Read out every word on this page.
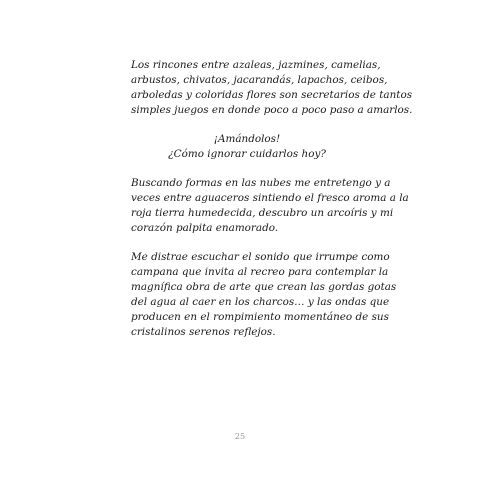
Los rincones entre azaleas, jazmines, camelias,
arbustos, chivatos, jacarandás, lapachos, ceibos,
arboledas y coloridas flores son secretarios de tantos
simples juegos en donde poco a poco paso a amarlos.

¡Amándolos!
¿Cómo ignorar cuidarlos hoy?

Buscando formas en las nubes me entretengo y a
veces entre aguaceros sintiendo el fresco aroma a la
roja tierra humedecida, descubro un arcoíris y mi
corazón palpita enamorado.

Me distrae escuchar el sonido que irrumpe como
campana que invita al recreo para contemplar la
magnífica obra de arte que crean las gordas gotas
del agua al caer en los charcos… y las ondas que
producen en el rompimiento momentáneo de sus
cristalinos serenos reflejos.

25
